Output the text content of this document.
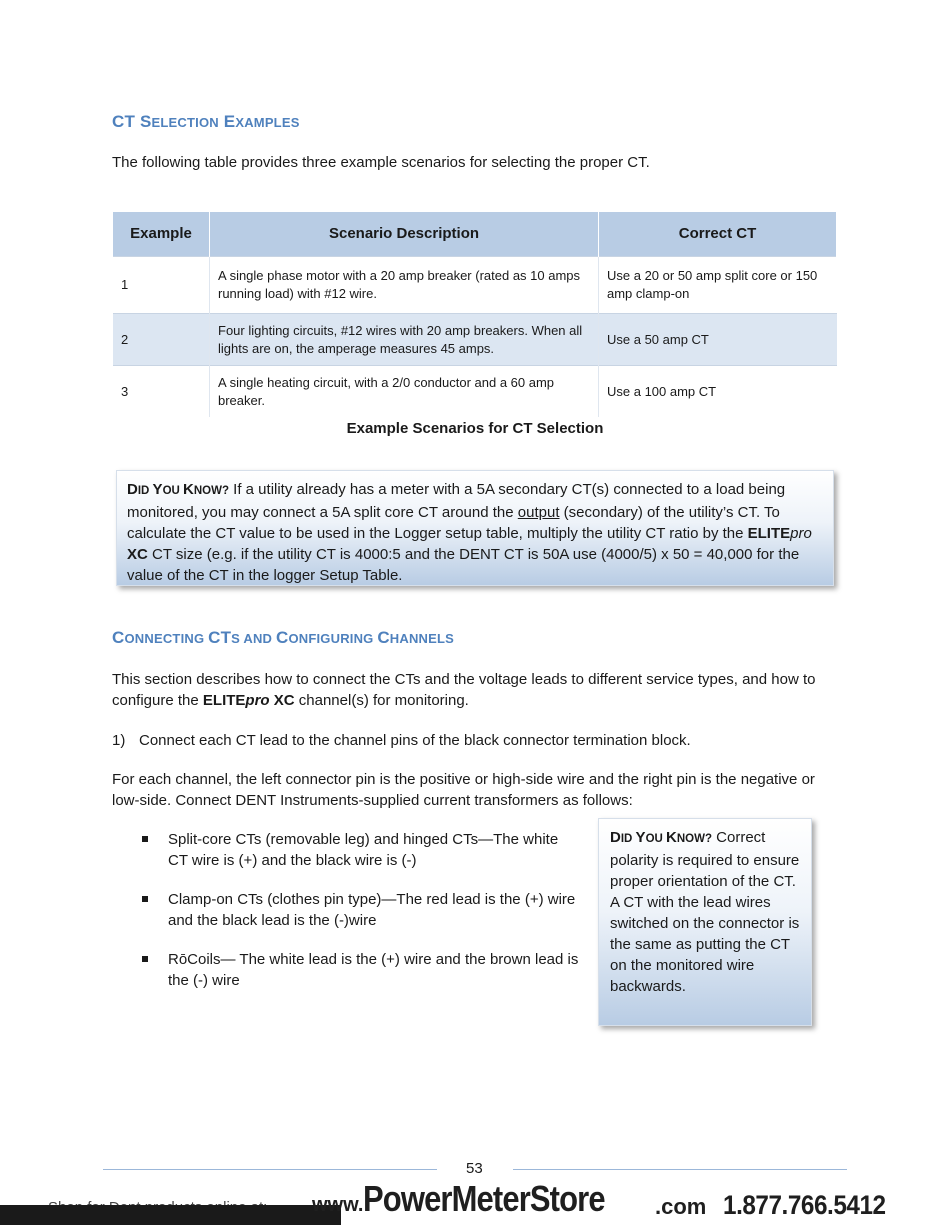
CT SELECTION EXAMPLES
The following table provides three example scenarios for selecting the proper CT.
Example	Scenario Description	Correct CT
1	A single phase motor with a 20 amp breaker (rated as 10 amps running load) with #12 wire.	Use a 20 or 50 amp split core or 150 amp clamp-on
2	Four lighting circuits, #12 wires with 20 amp breakers. When all lights are on, the amperage measures 45 amps.	Use a 50 amp CT
3	A single heating circuit, with a 2/0 conductor and a 60 amp breaker.	Use a 100 amp CT
Example Scenarios for CT Selection
DID YOU KNOW? If a utility already has a meter with a 5A secondary CT(s) connected to a load being monitored, you may connect a 5A split core CT around the output (secondary) of the utility’s CT. To calculate the CT value to be used in the Logger setup table, multiply the utility CT ratio by the ELITEpro XC CT size (e.g. if the utility CT is 4000:5 and the DENT CT is 50A use (4000/5) x 50 = 40,000 for the value of the CT in the logger Setup Table.
CONNECTING CTS AND CONFIGURING CHANNELS
This section describes how to connect the CTs and the voltage leads to different service types, and how to configure the ELITEpro XC channel(s) for monitoring.
1) Connect each CT lead to the channel pins of the black connector termination block.
For each channel, the left connector pin is the positive or high-side wire and the right pin is the negative or low-side. Connect DENT Instruments-supplied current transformers as follows:
Split-core CTs (removable leg) and hinged CTs—The white CT wire is (+) and the black wire is (-)
Clamp-on CTs (clothes pin type)—The red lead is the (+) wire and the black lead is the (-)wire
RōCoils— The white lead is the (+) wire and the brown lead is the (-) wire
DID YOU KNOW? Correct polarity is required to ensure proper orientation of the CT. A CT with the lead wires switched on the connector is the same as putting the CT on the monitored wire backwards.
53
www.PowerMeterStore	.com 1.877.766.5412
